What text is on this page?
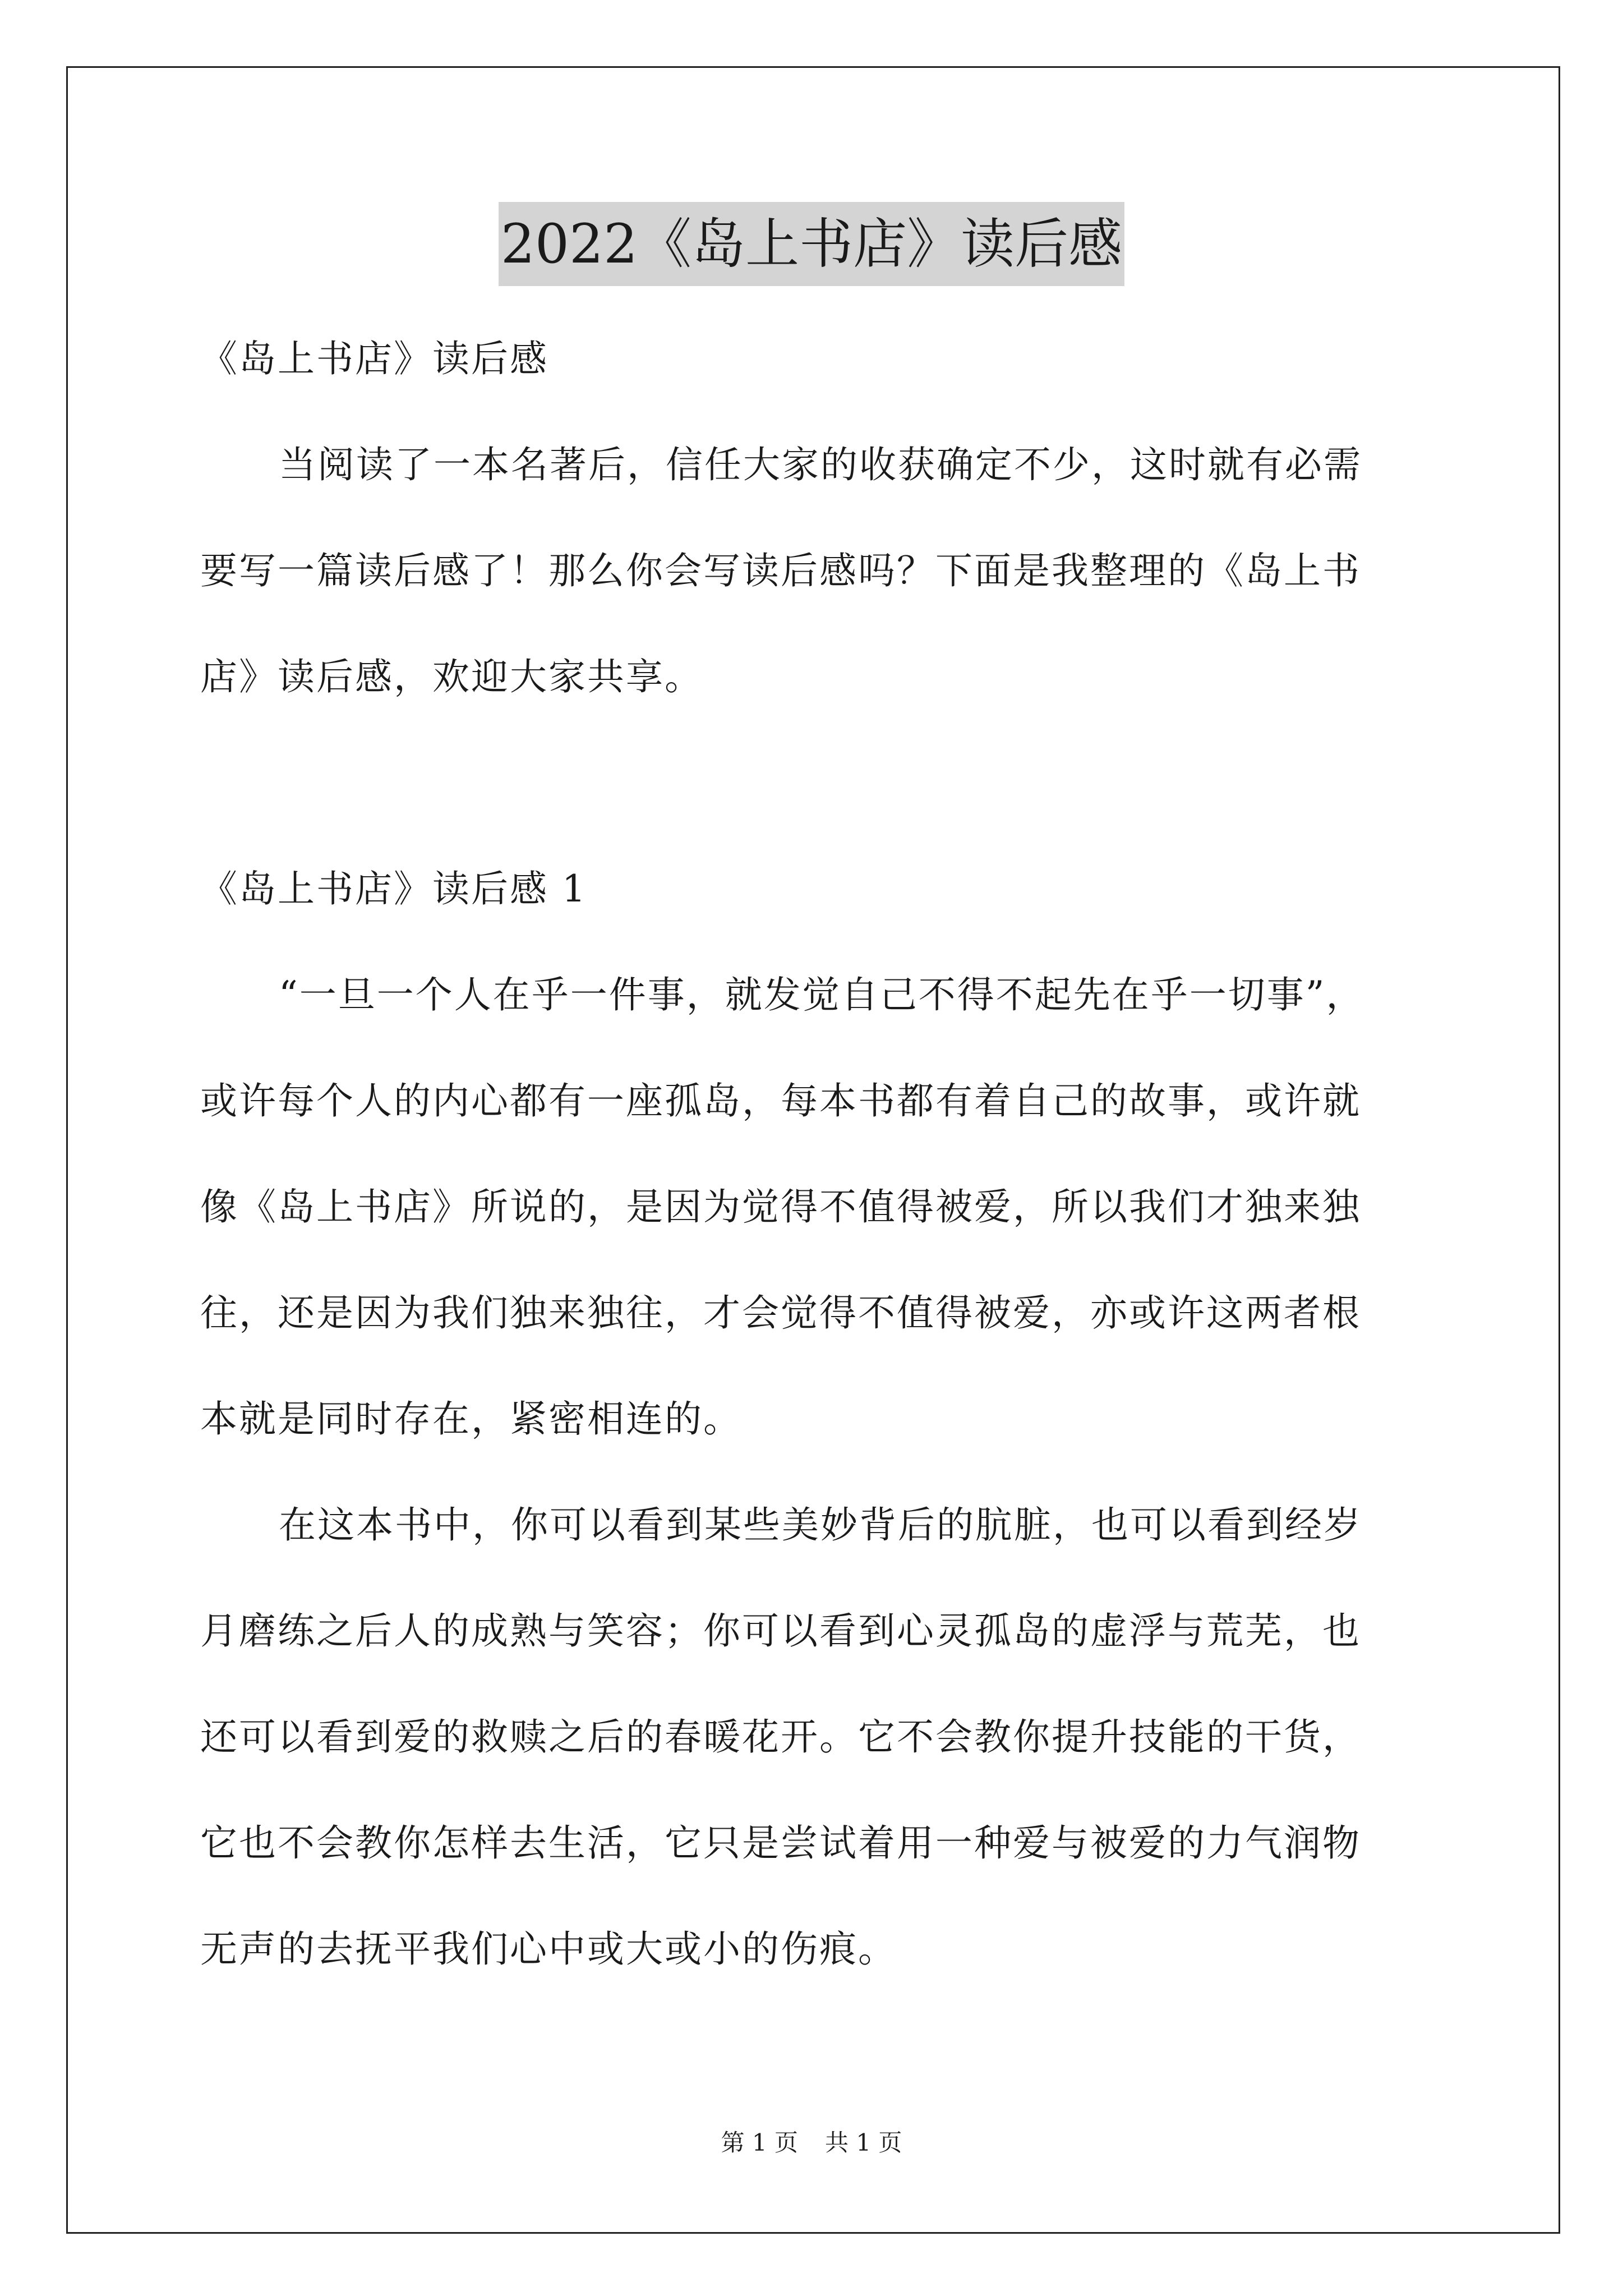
2022《岛上书店》读后感
《岛上书店》读后感
当阅读了一本名著后，信任大家的收获确定不少，这时就有必需
要写一篇读后感了！那么你会写读后感吗？下面是我整理的《岛上书
店》读后感，欢迎大家共享。
《岛上书店》读后感 1
“一旦一个人在乎一件事，就发觉自己不得不起先在乎一切事”，
或许每个人的内心都有一座孤岛，每本书都有着自己的故事，或许就
像《岛上书店》所说的，是因为觉得不值得被爱，所以我们才独来独
往，还是因为我们独来独往，才会觉得不值得被爱，亦或许这两者根
本就是同时存在，紧密相连的。
在这本书中，你可以看到某些美妙背后的肮脏，也可以看到经岁
月磨练之后人的成熟与笑容；你可以看到心灵孤岛的虚浮与荒芜，也
还可以看到爱的救赎之后的春暖花开。它不会教你提升技能的干货，
它也不会教你怎样去生活，它只是尝试着用一种爱与被爱的力气润物
无声的去抚平我们心中或大或小的伤痕。
第 1 页 共 1 页
